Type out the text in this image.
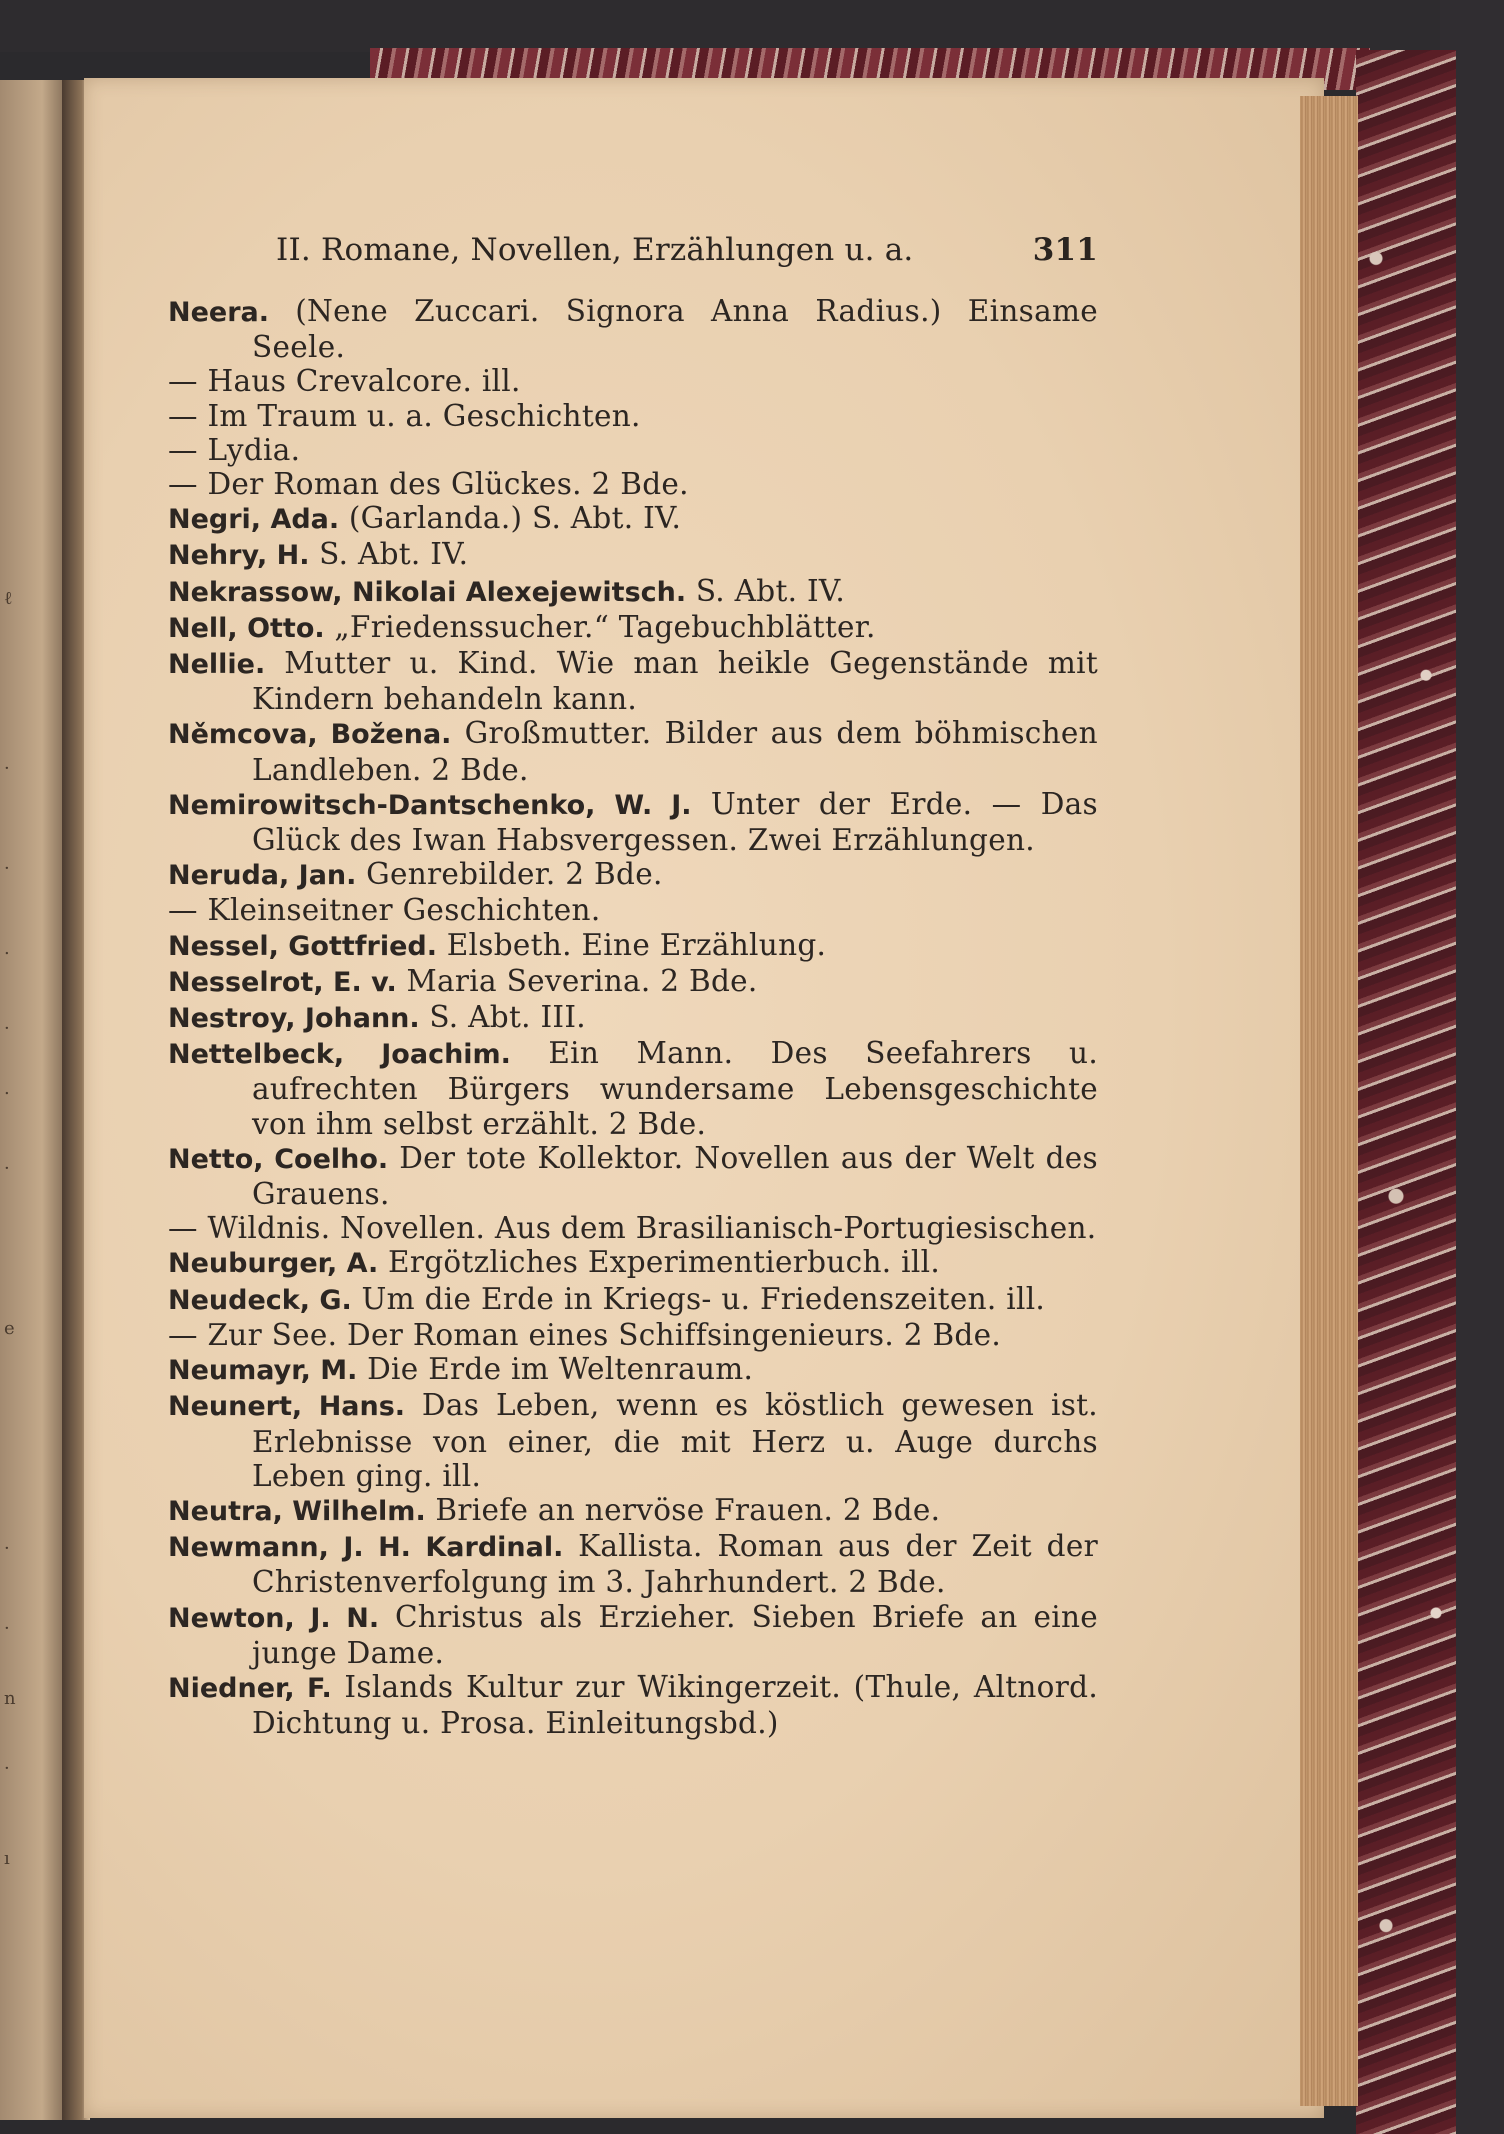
ℓ
·
·
.
·
.
·
e
·
·
n
·
ı
II. Romane, Novellen, Erzählungen u. a.	311
Neera. (Nene Zuccari. Signora Anna Radius.) Einsame Seele.
— Haus Crevalcore. ill.
— Im Traum u. a. Geschichten.
— Lydia.
— Der Roman des Glückes. 2 Bde.
Negri, Ada. (Garlanda.) S. Abt. IV.
Nehry, H. S. Abt. IV.
Nekrassow, Nikolai Alexejewitsch. S. Abt. IV.
Nell, Otto. „Friedenssucher.“ Tagebuchblätter.
Nellie. Mutter u. Kind. Wie man heikle Gegenstände mit Kindern behandeln kann.
Němcova, Božena. Großmutter. Bilder aus dem böhmischen Landleben. 2 Bde.
Nemirowitsch-Dantschenko, W. J. Unter der Erde. — Das Glück des Iwan Habsvergessen. Zwei Erzählungen.
Neruda, Jan. Genrebilder. 2 Bde.
— Kleinseitner Geschichten.
Nessel, Gottfried. Elsbeth. Eine Erzählung.
Nesselrot, E. v. Maria Severina. 2 Bde.
Nestroy, Johann. S. Abt. III.
Nettelbeck, Joachim. Ein Mann. Des Seefahrers u. aufrechten Bürgers wundersame Lebensgeschichte von ihm selbst erzählt. 2 Bde.
Netto, Coelho. Der tote Kollektor. Novellen aus der Welt des Grauens.
— Wildnis. Novellen. Aus dem Brasilianisch-Portugiesischen.
Neuburger, A. Ergötzliches Experimentierbuch. ill.
Neudeck, G. Um die Erde in Kriegs- u. Friedenszeiten. ill.
— Zur See. Der Roman eines Schiffsingenieurs. 2 Bde.
Neumayr, M. Die Erde im Weltenraum.
Neunert, Hans. Das Leben, wenn es köstlich gewesen ist. Erlebnisse von einer, die mit Herz u. Auge durchs Leben ging. ill.
Neutra, Wilhelm. Briefe an nervöse Frauen. 2 Bde.
Newmann, J. H. Kardinal. Kallista. Roman aus der Zeit der Christenverfolgung im 3. Jahrhundert. 2 Bde.
Newton, J. N. Christus als Erzieher. Sieben Briefe an eine junge Dame.
Niedner, F. Islands Kultur zur Wikingerzeit. (Thule, Altnord. Dichtung u. Prosa. Einleitungsbd.)
